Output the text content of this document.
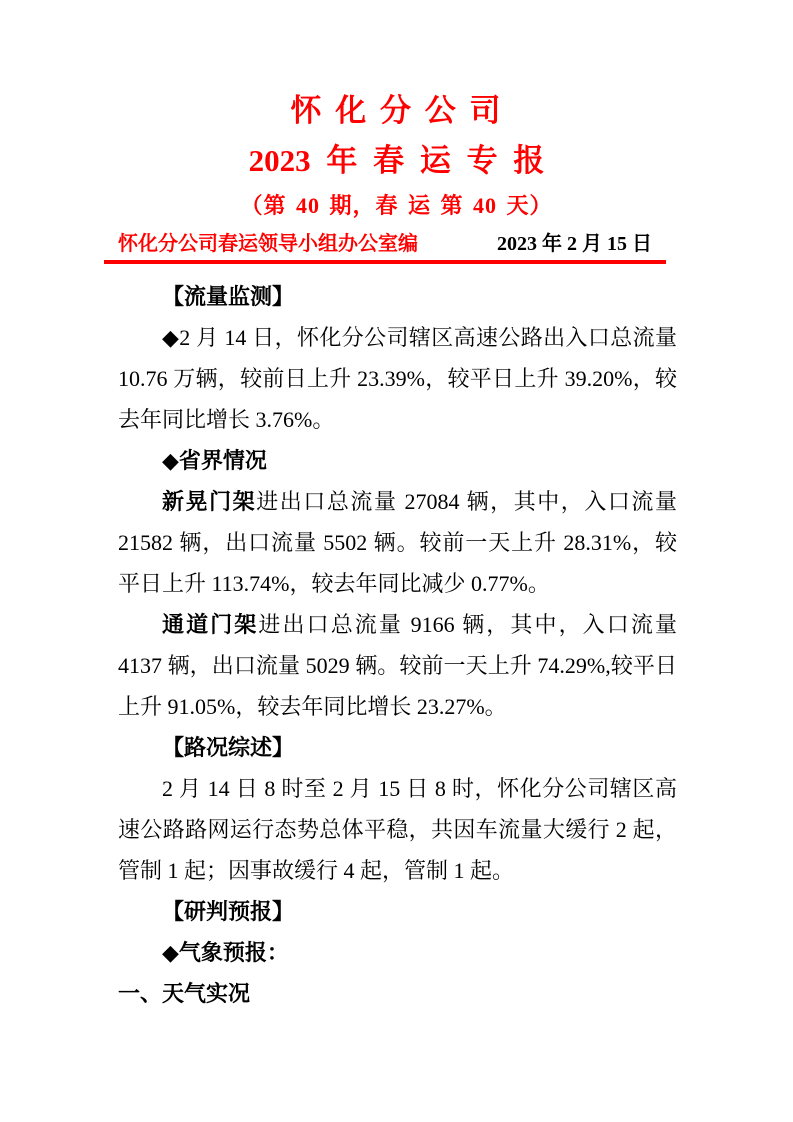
怀 化 分 公 司
2023 年 春 运 专 报
（第 40 期，春 运 第 40 天）
怀化分公司春运领导小组办公室编	2023 年 2 月 15 日

【流量监测】

◆2 月 14 日，怀化分公司辖区高速公路出入口总流量 10.76 万辆，较前日上升 23.39%，较平日上升 39.20%，较去年同比增长 3.76%。

◆省界情况

新晃门架进出口总流量 27084 辆，其中，入口流量 21582 辆，出口流量 5502 辆。较前一天上升 28.31%，较平日上升 113.74%，较去年同比减少 0.77%。

通道门架进出口总流量 9166 辆，其中，入口流量 4137 辆，出口流量 5029 辆。较前一天上升 74.29%,较平日上升 91.05%，较去年同比增长 23.27%。

【路况综述】

2 月 14 日 8 时至 2 月 15 日 8 时，怀化分公司辖区高速公路路网运行态势总体平稳，共因车流量大缓行 2 起，管制 1 起；因事故缓行 4 起，管制 1 起。

【研判预报】

◆气象预报：

一、天气实况
